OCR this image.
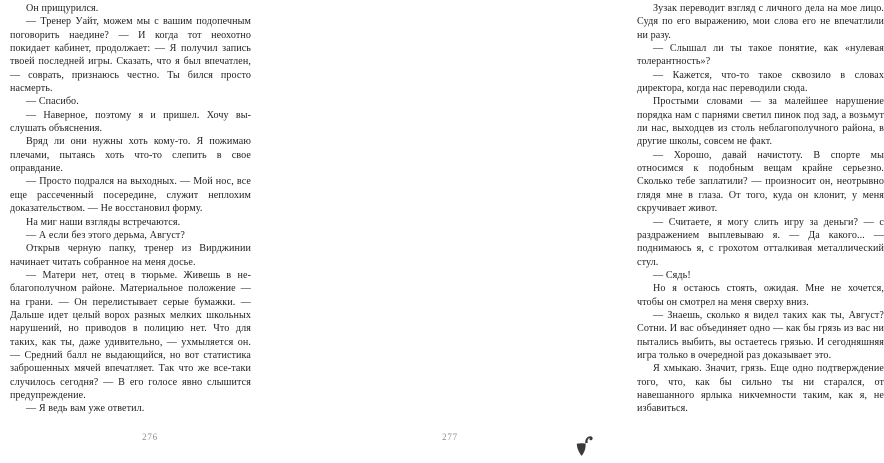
Он прищурился.

— Тренер Уайт, можем мы с вашим подопечным поговорить наедине? — И когда тот неохотно покидает кабинет, продолжает: — Я получил запись твоей последней игры. Сказать, что я был впечатлен, — соврать, признаюсь честно. Ты бился просто насмерть.

— Спасибо.

— Наверное, поэтому я и пришел. Хочу выслушать объяснения.

Вряд ли они нужны хоть кому-то. Я пожимаю плечами, пытаясь хоть что-то слепить в свое оправдание.

— Просто подрался на выходных. — Мой нос, все еще рассеченный посередине, служит неплохим доказательством. — Не восстановил форму.

На миг наши взгляды встречаются.

— А если без этого дерьма, Август?

Открыв черную папку, тренер из Вирджинии начинает читать собранное на меня досье.

— Матери нет, отец в тюрьме. Живешь в неблагополучном районе. Материальное положение — на грани. — Он перелистывает серые бумажки. — Дальше идет целый ворох разных мелких школьных нарушений, но приводов в полицию нет. Что для таких, как ты, даже удивительно, — ухмыляется он. — Средний балл не выдающийся, но вот статистика заброшенных мячей впечатляет. Так что же все-таки случилось сегодня? — В его голосе явно слышится предупреждение.

— Я ведь вам уже ответил.

276

Зузак переводит взгляд с личного дела на мое лицо. Судя по его выражению, мои слова его не впечатлили ни разу.

— Слышал ли ты такое понятие, как «нулевая толерантность»?

— Кажется, что-то такое сквозило в словах директора, когда нас переводили сюда.

Простыми словами — за малейшее нарушение порядка нам с парнями светил пинок под зад, а возьмут ли нас, выходцев из столь неблагополучного района, в другие школы, совсем не факт.

— Хорошо, давай начистоту. В спорте мы относимся к подобным вещам крайне серьезно. Сколько тебе заплатили? — произносит он, неотрывно глядя мне в глаза. От того, куда он клонит, у меня скручивает живот.

— Считаете, я могу слить игру за деньги? — с раздражением выплевываю я. — Да какого... — поднимаюсь я, с грохотом отталкивая металлический стул.

— Сядь!

Но я остаюсь стоять, ожидая. Мне не хочется, чтобы он смотрел на меня сверху вниз.

— Знаешь, сколько я видел таких как ты, Август? Сотни. И вас объединяет одно — как бы грязь из вас ни пытались выбить, вы остаетесь грязью. И сегодняшняя игра только в очередной раз доказывает это.

Я хмыкаю. Значит, грязь. Еще одно подтверждение того, что, как бы сильно ты ни старался, от навешанного ярлыка никчемности таким, как я, не избавиться.

277
